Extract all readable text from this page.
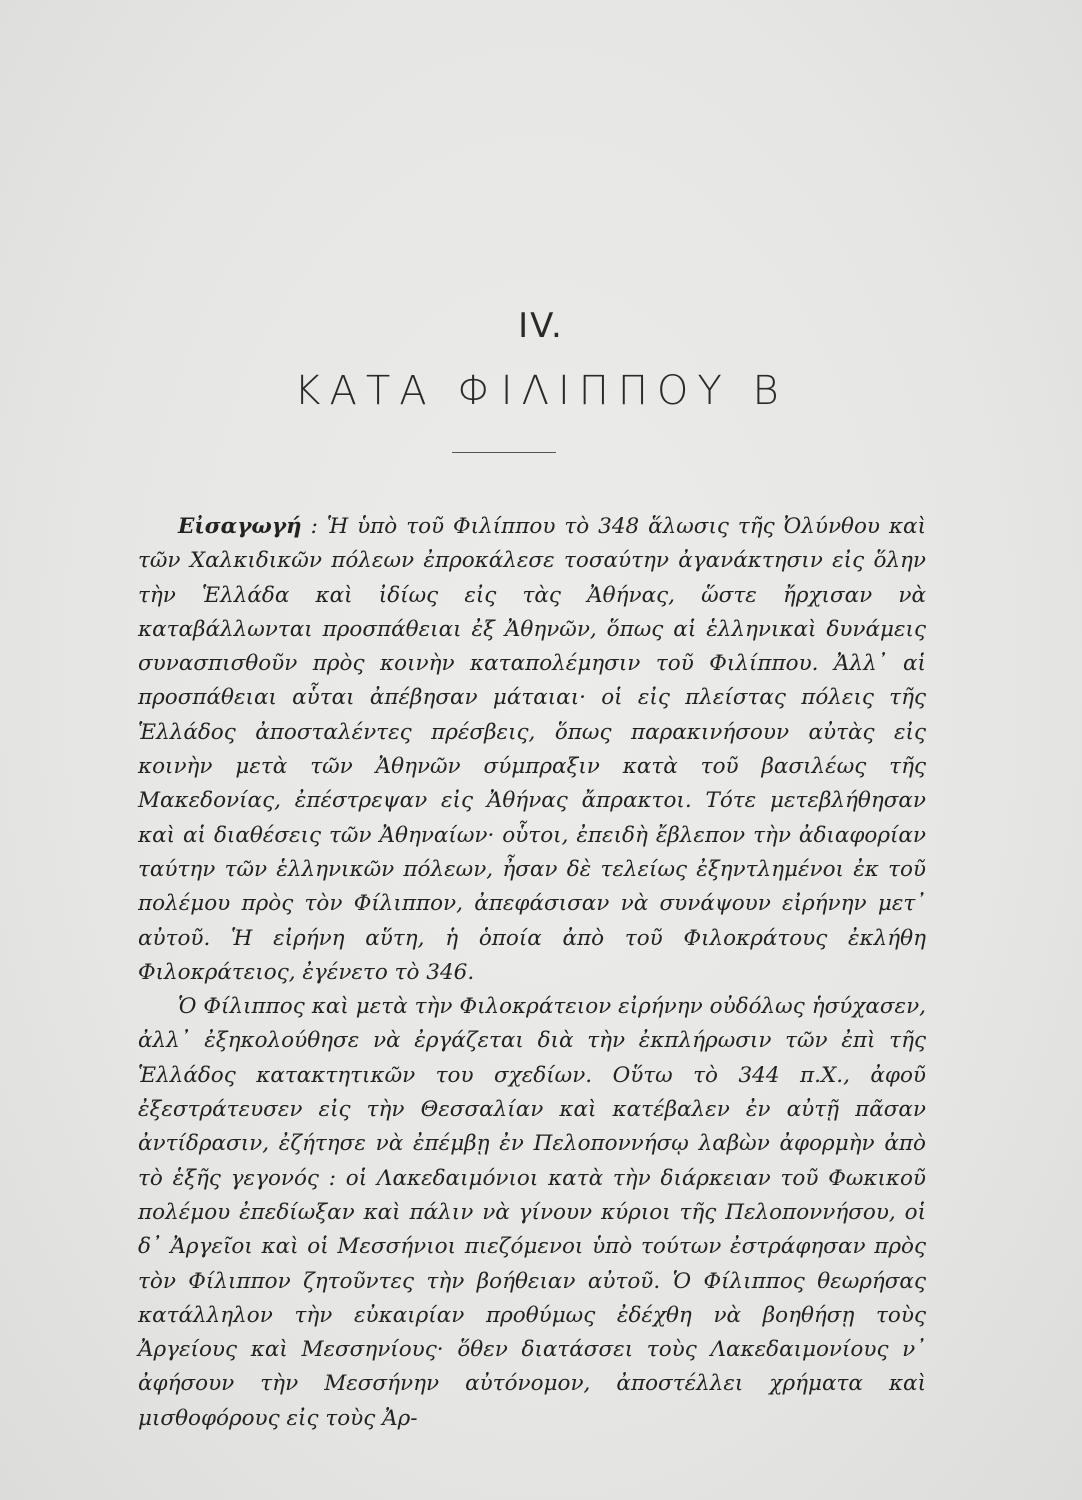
IV.
ΚΑΤΑ ΦΙΛΙΠΠΟΥ Β

Εἰσαγωγή : Ἡ ὑπὸ τοῦ Φιλίππου τὸ 348 ἅλωσις τῆς Ὀλύνθου καὶ τῶν Χαλκιδικῶν πόλεων ἐπροκάλεσε τοσαύτην ἀγανάκτησιν εἰς ὅλην τὴν Ἑλλάδα καὶ ἰδίως εἰς τὰς Ἀθήνας, ὥστε ἤρχισαν νὰ καταβάλλωνται προσπάθειαι ἐξ Ἀθηνῶν, ὅπως αἱ ἑλληνικαὶ δυνάμεις συνασπισθοῦν πρὸς κοινὴν καταπολέμησιν τοῦ Φιλίππου. Ἀλλ᾽ αἱ προσπάθειαι αὗται ἀπέβησαν μάταιαι· οἱ εἰς πλείστας πόλεις τῆς Ἑλλάδος ἀποσταλέντες πρέσβεις, ὅπως παρακινήσουν αὐτὰς εἰς κοινὴν μετὰ τῶν Ἀθηνῶν σύμπραξιν κατὰ τοῦ βασιλέως τῆς Μακεδονίας, ἐπέστρεψαν εἰς Ἀθήνας ἄπρακτοι. Τότε μετεβλήθησαν καὶ αἱ διαθέσεις τῶν Ἀθηναίων· οὗτοι, ἐπειδὴ ἔβλεπον τὴν ἀδιαφορίαν ταύτην τῶν ἑλληνικῶν πόλεων, ἦσαν δὲ τελείως ἐξηντλημένοι ἐκ τοῦ πολέμου πρὸς τὸν Φίλιππον, ἀπεφάσισαν νὰ συνάψουν εἰρήνην μετ᾽ αὐτοῦ. Ἡ εἰρήνη αὕτη, ἡ ὁποία ἀπὸ τοῦ Φιλοκράτους ἐκλήθη Φιλοκράτειος, ἐγένετο τὸ 346.

Ὁ Φίλιππος καὶ μετὰ τὴν Φιλοκράτειον εἰρήνην οὐδόλως ἡσύχασεν, ἀλλ᾽ ἐξηκολούθησε νὰ ἐργάζεται διὰ τὴν ἐκπλήρωσιν τῶν ἐπὶ τῆς Ἑλλάδος κατακτητικῶν του σχεδίων. Οὕτω τὸ 344 π.Χ., ἀφοῦ ἐξεστράτευσεν εἰς τὴν Θεσσαλίαν καὶ κατέβαλεν ἐν αὐτῇ πᾶσαν ἀντίδρασιν, ἐζήτησε νὰ ἐπέμβῃ ἐν Πελοποννήσῳ λαβὼν ἀφορμὴν ἀπὸ τὸ ἑξῆς γεγονός : οἱ Λακεδαιμόνιοι κατὰ τὴν διάρκειαν τοῦ Φωκικοῦ πολέμου ἐπεδίωξαν καὶ πάλιν νὰ γίνουν κύριοι τῆς Πελοποννήσου, οἱ δ᾽ Ἀργεῖοι καὶ οἱ Μεσσήνιοι πιεζόμενοι ὑπὸ τούτων ἐστράφησαν πρὸς τὸν Φίλιππον ζητοῦντες τὴν βοήθειαν αὐτοῦ. Ὁ Φίλιππος θεωρήσας κατάλληλον τὴν εὐκαιρίαν προθύμως ἐδέχθη νὰ βοηθήσῃ τοὺς Ἀργείους καὶ Μεσσηνίους· ὅθεν διατάσσει τοὺς Λακεδαιμονίους ν᾽ ἀφήσουν τὴν Μεσσήνην αὐτόνομον, ἀποστέλλει χρήματα καὶ μισθοφόρους εἰς τοὺς Ἀρ-
